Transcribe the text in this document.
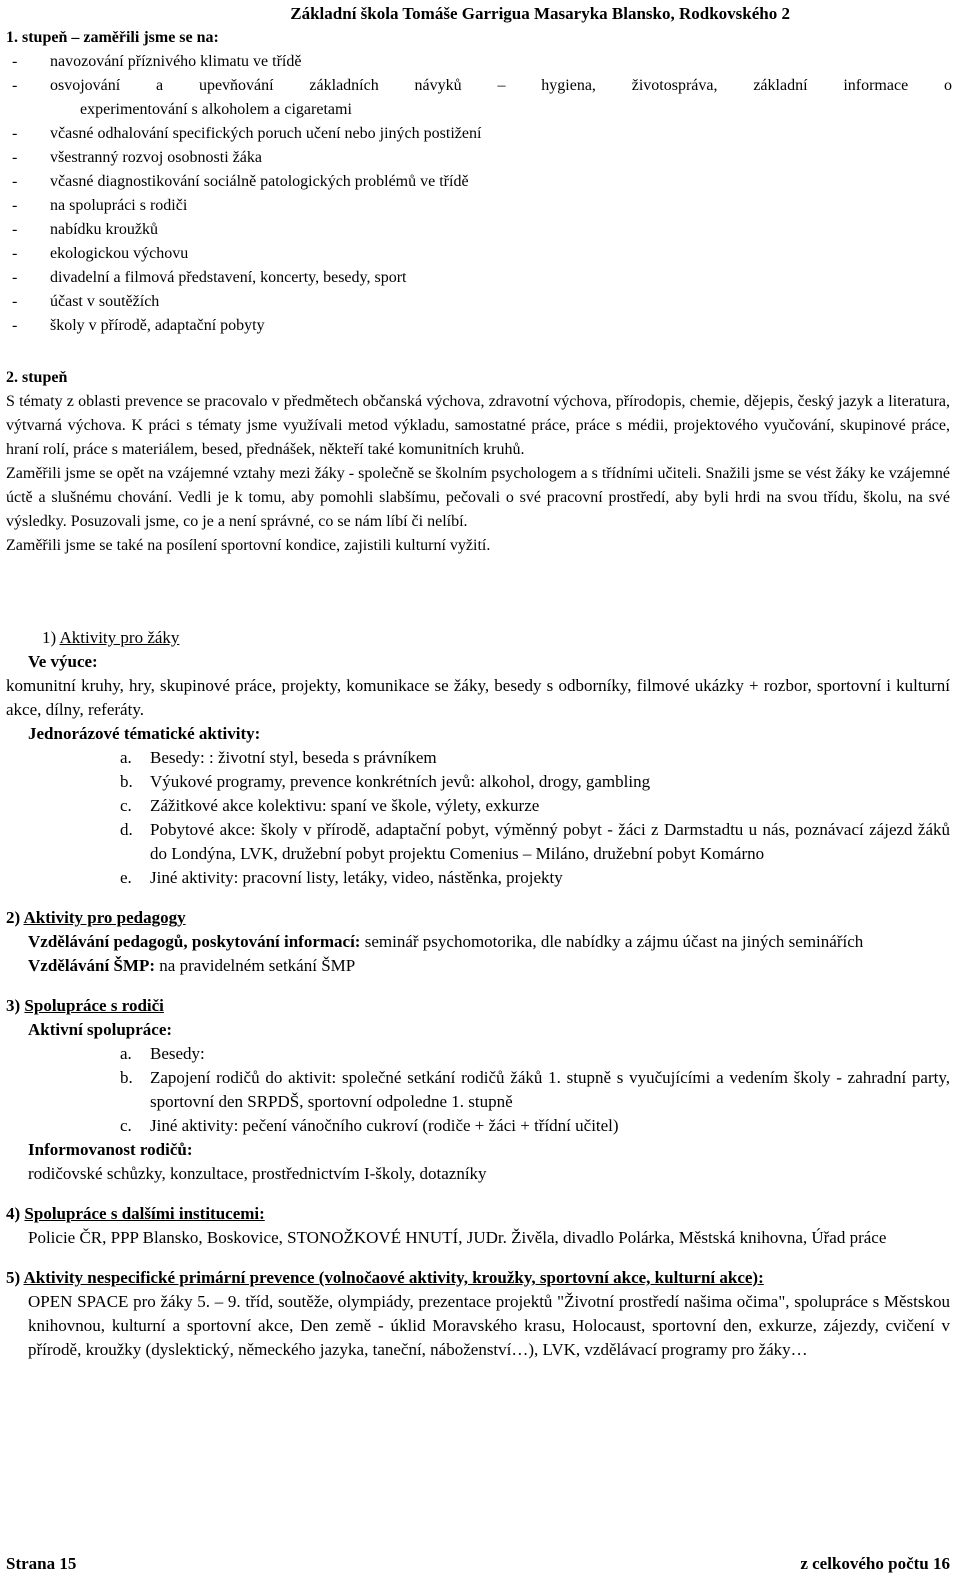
Základní škola Tomáše Garrigua Masaryka Blansko, Rodkovského 2
1. stupeň – zaměřili jsme se na:
- navozování příznivého klimatu ve třídě
-	osvojování a upevňování základních návyků – hygiena, životospráva, základní informace o
experimentování s alkoholem a cigaretami
- včasné odhalování specifických poruch učení nebo jiných postižení
- všestranný rozvoj osobnosti žáka
- včasné diagnostikování sociálně patologických problémů ve třídě
- na spolupráci s rodiči
- nabídku kroužků
- ekologickou výchovu
- divadelní a filmová představení, koncerty, besedy, sport
- účast v soutěžích
- školy v přírodě, adaptační pobyty

2. stupeň

S tématy z oblasti prevence se pracovalo v předmětech občanská výchova, zdravotní výchova, přírodopis, chemie, dějepis, český jazyk a literatura, výtvarná výchova. K práci s tématy jsme využívali metod výkladu, samostatné práce, práce s médii, projektového vyučování, skupinové práce, hraní rolí, práce s materiálem, besed, přednášek, někteří také komunitních kruhů.

Zaměřili jsme se opět na vzájemné vztahy mezi žáky - společně se školním psychologem a s třídními učiteli. Snažili jsme se vést žáky ke vzájemné úctě a slušnému chování. Vedli je k tomu, aby pomohli slabšímu, pečovali o své pracovní prostředí, aby byli hrdi na svou třídu, školu, na své výsledky. Posuzovali jsme, co je a není správné, co se nám líbí či nelíbí.

Zaměřili jsme se také na posílení sportovní kondice, zajistili kulturní vyžití.

1) Aktivity pro žáky

Ve výuce:

komunitní kruhy, hry, skupinové práce, projekty, komunikace se žáky, besedy s odborníky, filmové ukázky + rozbor, sportovní i kulturní akce, dílny, referáty.

Jednorázové tématické aktivity:

a.	Besedy: : životní styl, beseda s právníkem
b.	Výukové programy, prevence konkrétních jevů: alkohol, drogy, gambling
c.	Zážitkové akce kolektivu: spaní ve škole, výlety, exkurze
d.	Pobytové akce: školy v přírodě, adaptační pobyt, výměnný pobyt - žáci z Darmstadtu u nás, poznávací zájezd žáků do Londýna, LVK, družební pobyt projektu Comenius – Miláno, družební pobyt Komárno
e.	Jiné aktivity: pracovní listy, letáky, video, nástěnka, projekty

2) Aktivity pro pedagogy

Vzdělávání pedagogů, poskytování informací: seminář psychomotorika, dle nabídky a zájmu účast na jiných seminářích

Vzdělávání ŠMP: na pravidelném setkání ŠMP

3) Spolupráce s rodiči

Aktivní spolupráce:

a.	Besedy:
b.	Zapojení rodičů do aktivit: společné setkání rodičů žáků 1. stupně s vyučujícími a vedením školy - zahradní party, sportovní den SRPDŠ, sportovní odpoledne 1. stupně
c.	Jiné aktivity: pečení vánočního cukroví (rodiče + žáci + třídní učitel)

Informovanost rodičů:

rodičovské schůzky, konzultace, prostřednictvím I-školy, dotazníky

4) Spolupráce s dalšími institucemi:

Policie ČR, PPP Blansko, Boskovice, STONOŽKOVÉ HNUTÍ, JUDr. Živěla, divadlo Polárka, Městská knihovna, Úřad práce

5) Aktivity nespecifické primární prevence (volnočaové aktivity, kroužky, sportovní akce, kulturní akce):

OPEN SPACE pro žáky 5. – 9. tříd, soutěže, olympiády, prezentace projektů "Životní prostředí našima očima", spolupráce s Městskou knihovnou, kulturní a sportovní akce, Den země - úklid Moravského krasu, Holocaust, sportovní den, exkurze, zájezdy, cvičení v přírodě, kroužky (dyslektický, německého jazyka, taneční, náboženství…), LVK, vzdělávací programy pro žáky…

Strana 15	z celkového počtu 16
